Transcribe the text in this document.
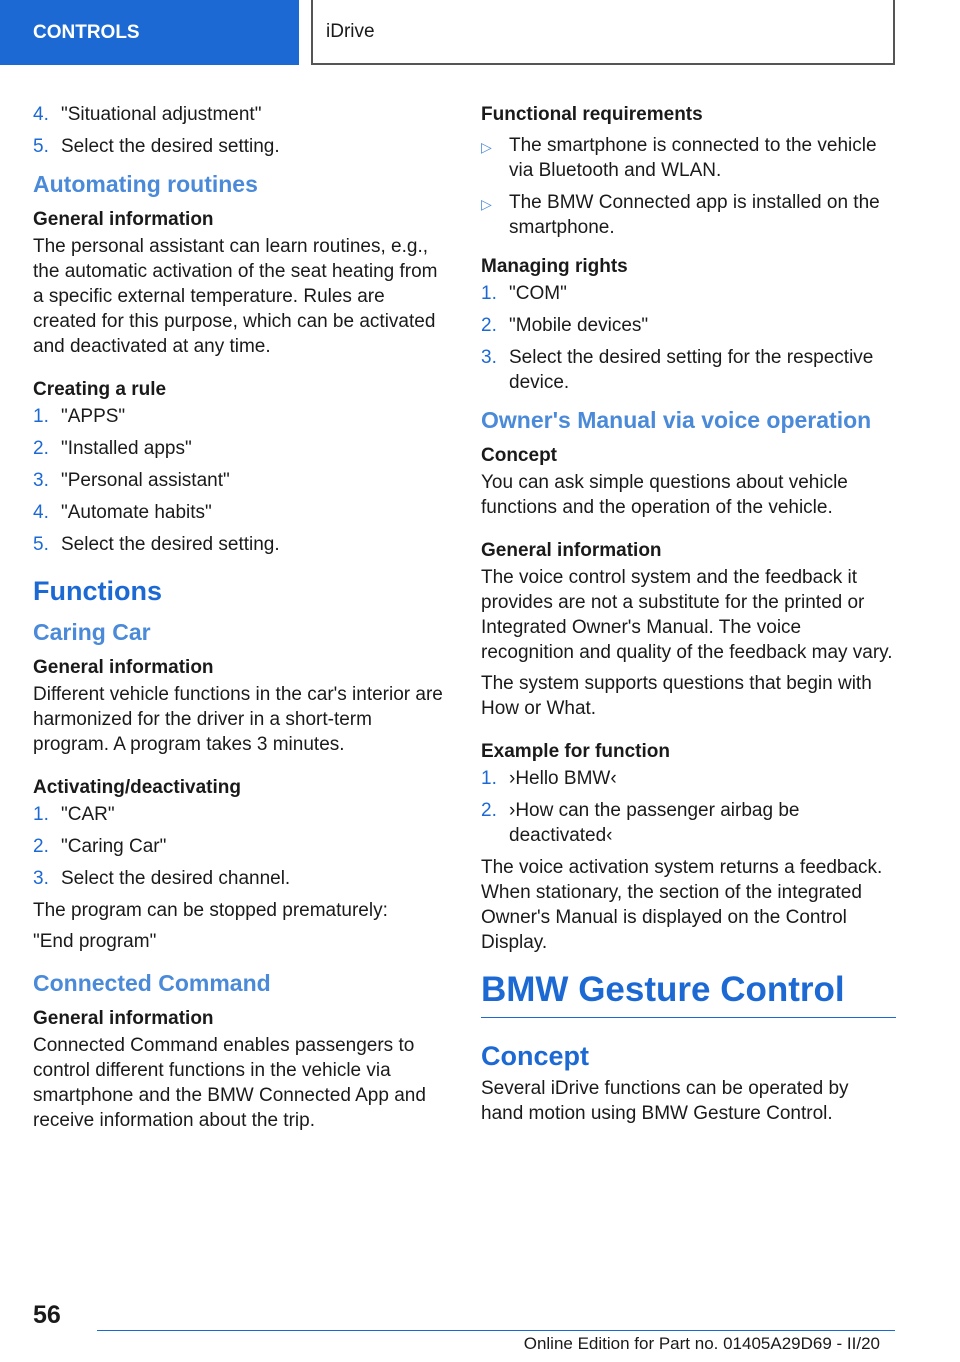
CONTROLS	iDrive
4. "Situational adjustment"
5. Select the desired setting.
Automating routines
General information

The personal assistant can learn routines, e.g., the automatic activation of the seat heating from a specific external temperature. Rules are created for this purpose, which can be activated and deactivated at any time.

Creating a rule
1. "APPS"
2. "Installed apps"
3. "Personal assistant"
4. "Automate habits"
5. Select the desired setting.
Functions
Caring Car
General information

Different vehicle functions in the car's interior are harmonized for the driver in a short-term program. A program takes 3 minutes.

Activating/deactivating
1. "CAR"
2. "Caring Car"
3. Select the desired channel.

The program can be stopped prematurely:

"End program"

Connected Command
General information

Connected Command enables passengers to control different functions in the vehicle via smartphone and the BMW Connected App and receive information about the trip.

Functional requirements
▷ The smartphone is connected to the vehicle via Bluetooth and WLAN.
▷ The BMW Connected app is installed on the smartphone.
Managing rights
1. "COM"
2. "Mobile devices"
3. Select the desired setting for the respective device.
Owner's Manual via voice operation
Concept

You can ask simple questions about vehicle functions and the operation of the vehicle.

General information

The voice control system and the feedback it provides are not a substitute for the printed or Integrated Owner's Manual. The voice recognition and quality of the feedback may vary.

The system supports questions that begin with How or What.

Example for function
1. ›Hello BMW‹
2. ›How can the passenger airbag be deactivated‹

The voice activation system returns a feedback. When stationary, the section of the integrated Owner's Manual is displayed on the Control Display.

BMW Gesture Control
Concept

Several iDrive functions can be operated by hand motion using BMW Gesture Control.

56
Online Edition for Part no. 01405A29D69 - II/20
